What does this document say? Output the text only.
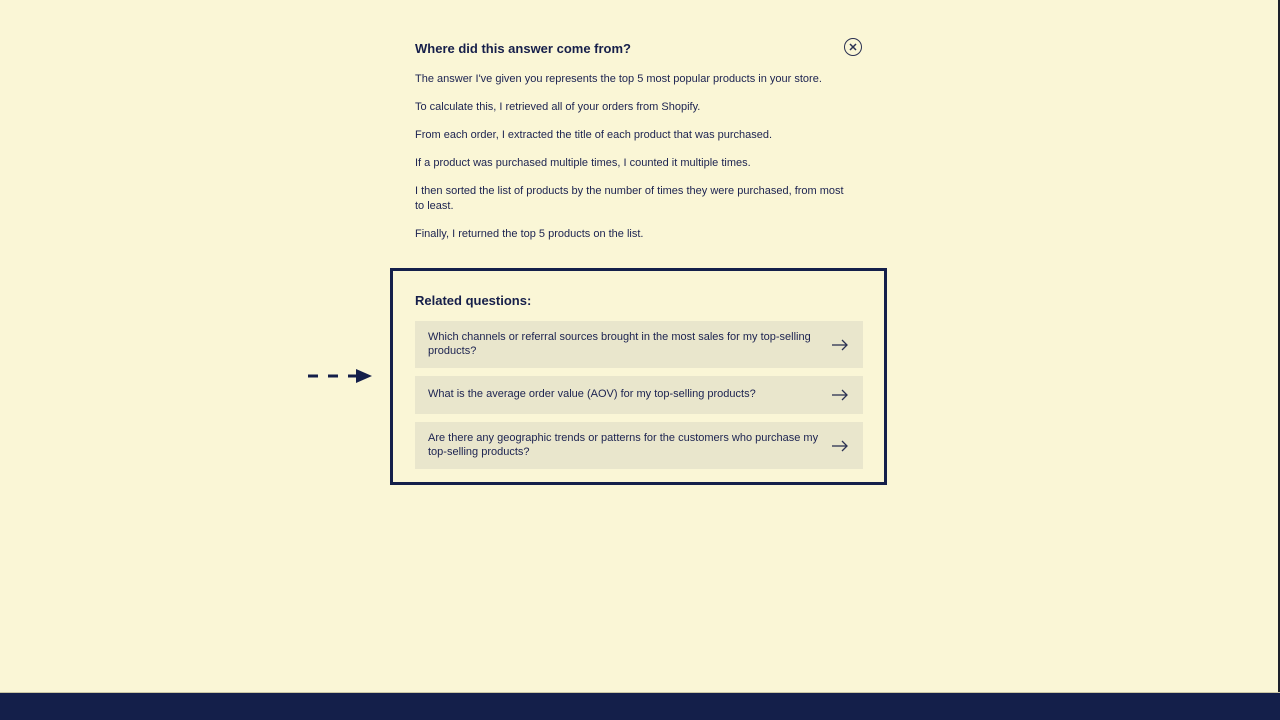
Where did this answer come from?

The answer I've given you represents the top 5 most popular products in your store.

To calculate this, I retrieved all of your orders from Shopify.

From each order, I extracted the title of each product that was purchased.

If a product was purchased multiple times, I counted it multiple times.

I then sorted the list of products by the number of times they were purchased, from most to least.

Finally, I returned the top 5 products on the list.

Related questions:
Which channels or referral sources brought in the most sales for my top-selling products?
What is the average order value (AOV) for my top-selling products?
Are there any geographic trends or patterns for the customers who purchase my top-selling products?
